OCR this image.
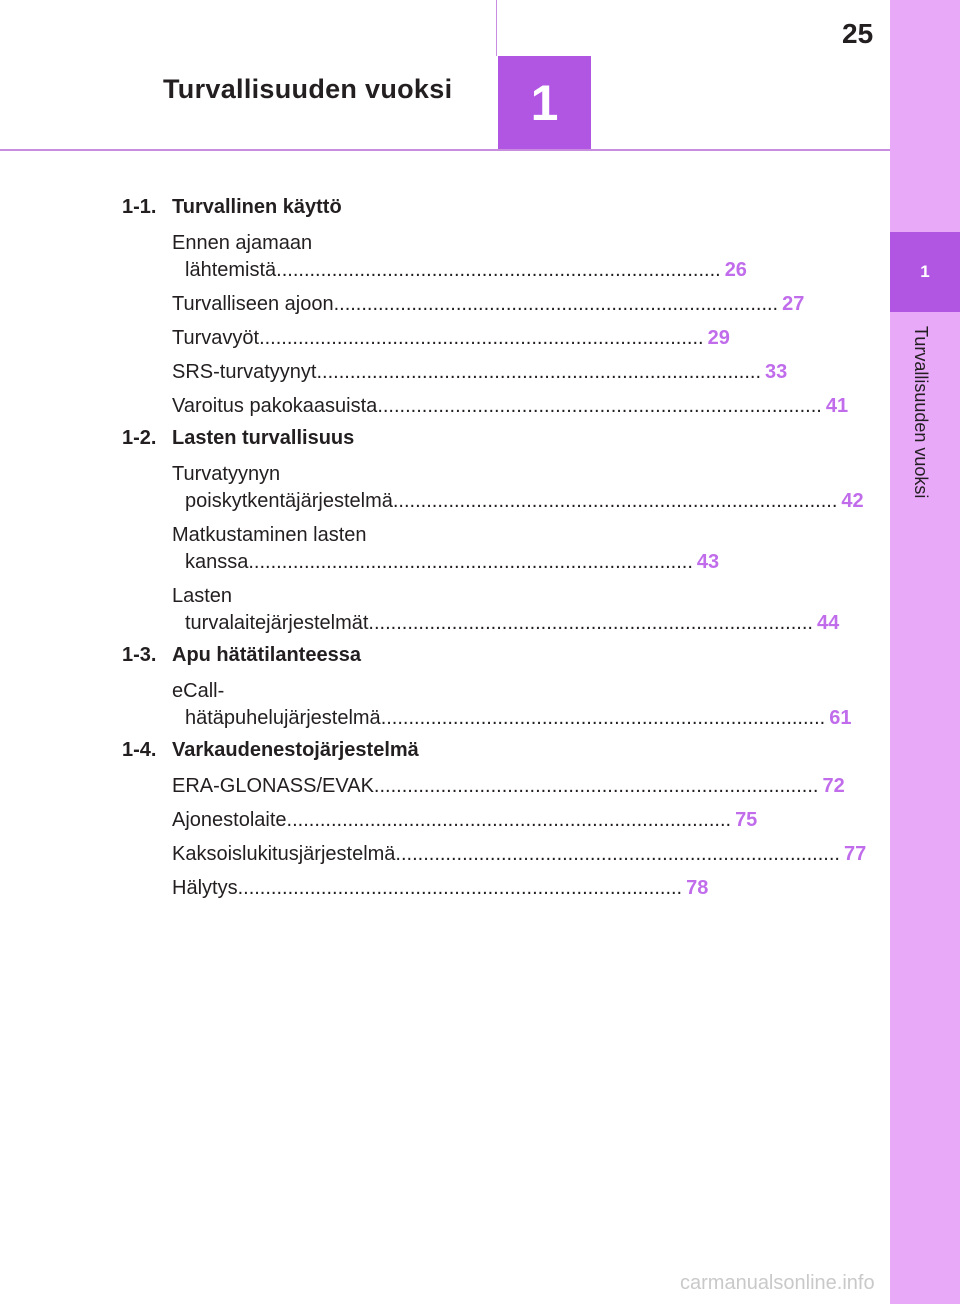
Turvallisuuden vuoksi	1
25
1
Turvallisuuden vuoksi
1-1. Turvallinen käyttö
Ennen ajamaan
lähtemistä ................................................................................ 26
Turvalliseen ajoon ................................................................................ 27
Turvavyöt ................................................................................ 29
SRS-turvatyynyt ................................................................................ 33
Varoitus pakokaasuista ................................................................................ 41
1-2. Lasten turvallisuus
Turvatyynyn
poiskytkentäjärjestelmä ................................................................................ 42
Matkustaminen lasten
kanssa ................................................................................ 43
Lasten
turvalaitejärjestelmät ................................................................................ 44
1-3. Apu hätätilanteessa
eCall-
hätäpuhelujärjestelmä ................................................................................ 61
1-4. Varkaudenestojärjestelmä
ERA-GLONASS/EVAK ................................................................................ 72
Ajonestolaite ................................................................................ 75
Kaksoislukitusjärjestelmä ................................................................................ 77
Hälytys ................................................................................ 78
carmanualsonline.info
